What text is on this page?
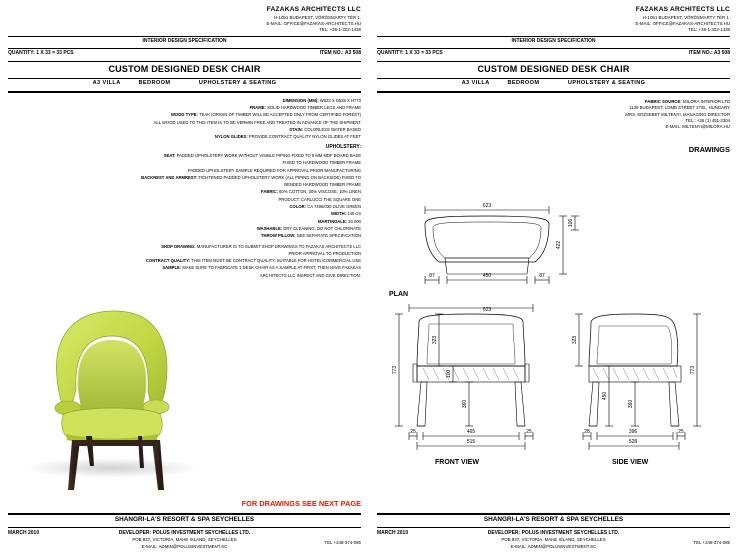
FAZAKAS ARCHITECTS LLC
H-1051 BUDAPEST, VÖRÖSMARTY TÉR 1.
E-MAIL: OFFICE@FAZAKAS-ARCHITECTS.HU
TEL: +36-1-302-1438
INTERIOR DESIGN SPECIFICATION
QUANTITY: 1 X 33 = 33 PCS	ITEM NO.: A3 508
CUSTOM DESIGNED DESK CHAIR
A3 VILLA	BEDROOM	UPHOLSTERY & SEATING
DIMENSION (MM): W623 X D528 X H773
FRAME: SOLID HARDWOOD TIMBER LEGS AND FRAME
WOOD TYPE: TEAK (ORIGIN OF TIMBER WILL BE ACCEPTED ONLY FROM CERTIFIED FOREST)
ALL WOOD USED TO THIS ITEM IS TO BE VERMIN FREE AND TREATED IN ADVANCE OF THE SHIPMENT
STAIN: COLORLESS WATER BASED
NYLON GLIDES: PROVIDE CONTRACT QUALITY NYLON GLIDES AT FEET
UPHOLSTERY:
SEAT: PADDED UPHOLSTERY WORK WITHOUT VISIBLE PIPING FIXED TO 9 MM MDF BOARD BASE
FIXED TO HARDWOOD TIMBER FRAME
PADDED UPHOLSTERY SAMPLE REQUIRED FOR APPROVAL PRIOR MANUFACTURING
BACKREST AND ARMREST: TIGHTENED PADDED UPHOLSTERY WORK (ALL PIPING ON BACKSIDE) FIXED TO
BENDED HARDWOOD TIMBER FRAME
FABRIC: 60% COTTON, 30% VISCOSE, 10% LINEN
PRODUCT: CARLUCCI THE SQUARE ONE
COLOR: CA 7496/030 OLIVE GREEN
WIDTH: 140 cm
MARTINDALE: 20.000
WASHABLE: DRY CLEANING, DO NOT CHLORINATE
THROW PILLOW: SEE SEPARATE SPECIFICATION
SHOP DRAWING: MANUFACTURER IS TO SUBMIT SHOP DRAWINGS TO FAZAKAS ARCHITECTS LLC
PRIOR APPROVAL TO PRODUCTION
CONTRACT QUALITY: THIS ITEM MUST BE CONTRACT QUALITY, SUITABLE FOR HOTEL/COMMERCIAL USE
SAMPLE: MAKE SURE TO FABRICATE 1 DESK CHAIR AS A SAMPLE AT FIRST, THEN HAVE FAZAKAS
ARCHITECTS LLC INSPECT AND GIVE DIRECTION.
FOR DRAWINGS SEE NEXT PAGE
SHANGRI-LA'S RESORT & SPA SEYCHELLES
MARCH 2010	DEVELOPER: POLUS INVESTMENT SEYCHELLES LTD.
POB 837, VICTORIA, MAHE ISLAND, SEYCHELLES
E-MAIL: ADMIN@POLUSINVESTMENT.SC
TEL +248-374-085
FAZAKAS ARCHITECTS LLC
H-1051 BUDAPEST, VÖRÖSMARTY TÉR 1.
E-MAIL: OFFICE@FAZAKAS-ARCHITECTS.HU
TEL: +36-1-302-1438
INTERIOR DESIGN SPECIFICATION
QUANTITY: 1 X 33 = 33 PCS	ITEM NO.: A3 508
CUSTOM DESIGNED DESK CHAIR
A3 VILLA	BEDROOM	UPHOLSTERY & SEATING
FABRIC SOURCE: MILORA INTERIOR LTD
1139 BUDAPEST, LOMB STREET 27/B., HUNGARY
MRS. ERZSEBET MILTENYI, MANAGING DIRECTOR
TEL.: +36 (1) 451-3304
E-MAIL: MILTENYI@MILORA.HU
DRAWINGS
623
450
87	87
623
465
515
25	25	396
528
28	25
422
106
773
323
100
360
323
450
360
773
PLAN
FRONT VIEW	SIDE VIEW
SHANGRI-LA'S RESORT & SPA SEYCHELLES
MARCH 2010	DEVELOPER: POLUS INVESTMENT SEYCHELLES LTD.
POB 837, VICTORIA, MAHE ISLAND, SEYCHELLES
E-MAIL: ADMIN@POLUSINVESTMENT.SC
TEL +248-374-085
